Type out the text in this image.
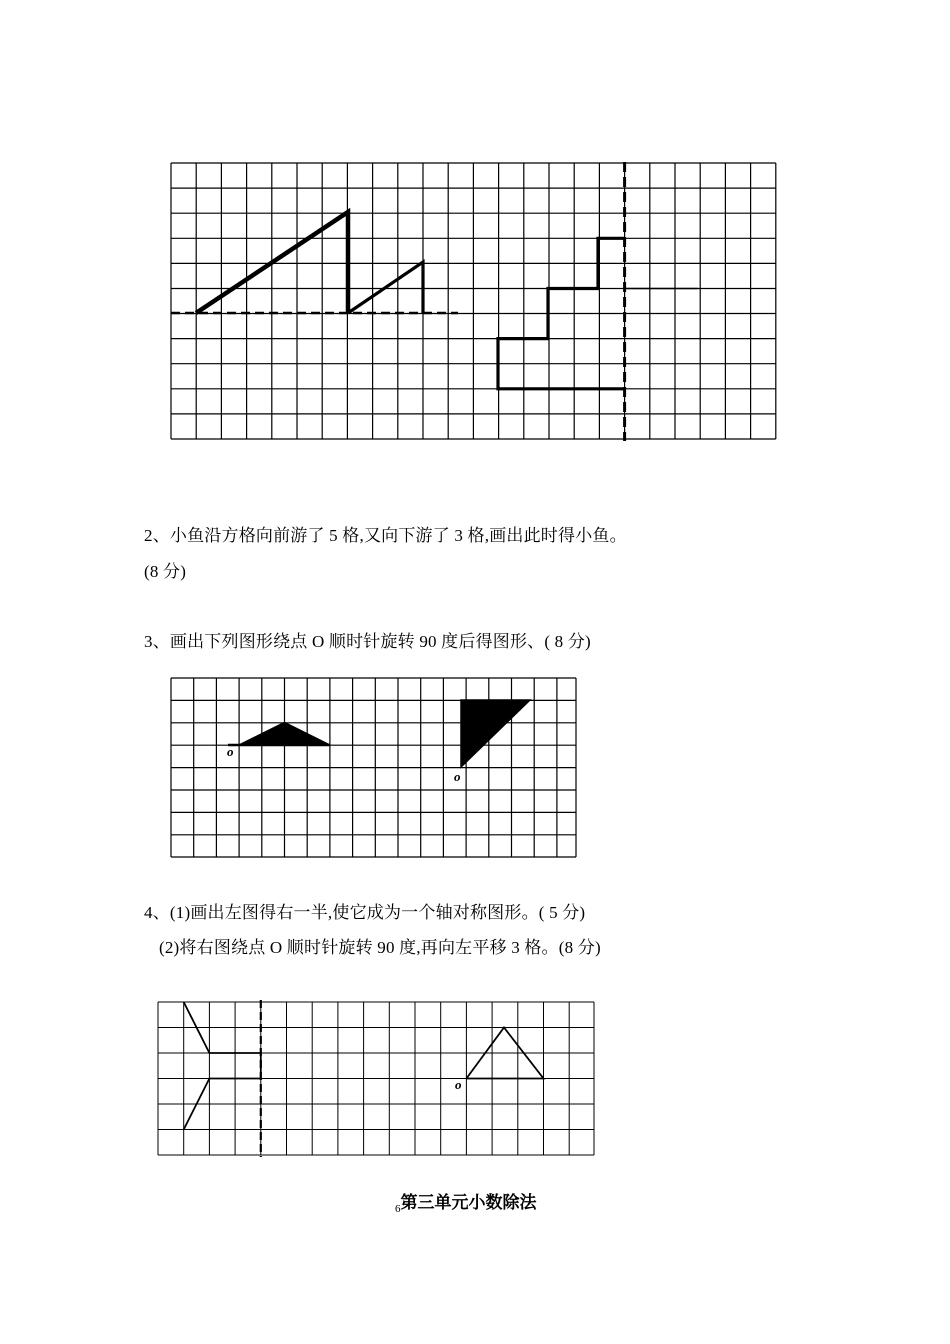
2、小鱼沿方格向前游了 5 格,又向下游了 3 格,画出此时得小鱼。
(8 分)
3、画出下列图形绕点 O 顺时针旋转 90 度后得图形、( 8 分)
o
o
4、(1)画出左图得右一半,使它成为一个轴对称图形。( 5 分)
(2)将右图绕点 O 顺时针旋转 90 度,再向左平移 3 格。(8 分)
o
$_6$第三单元小数除法
